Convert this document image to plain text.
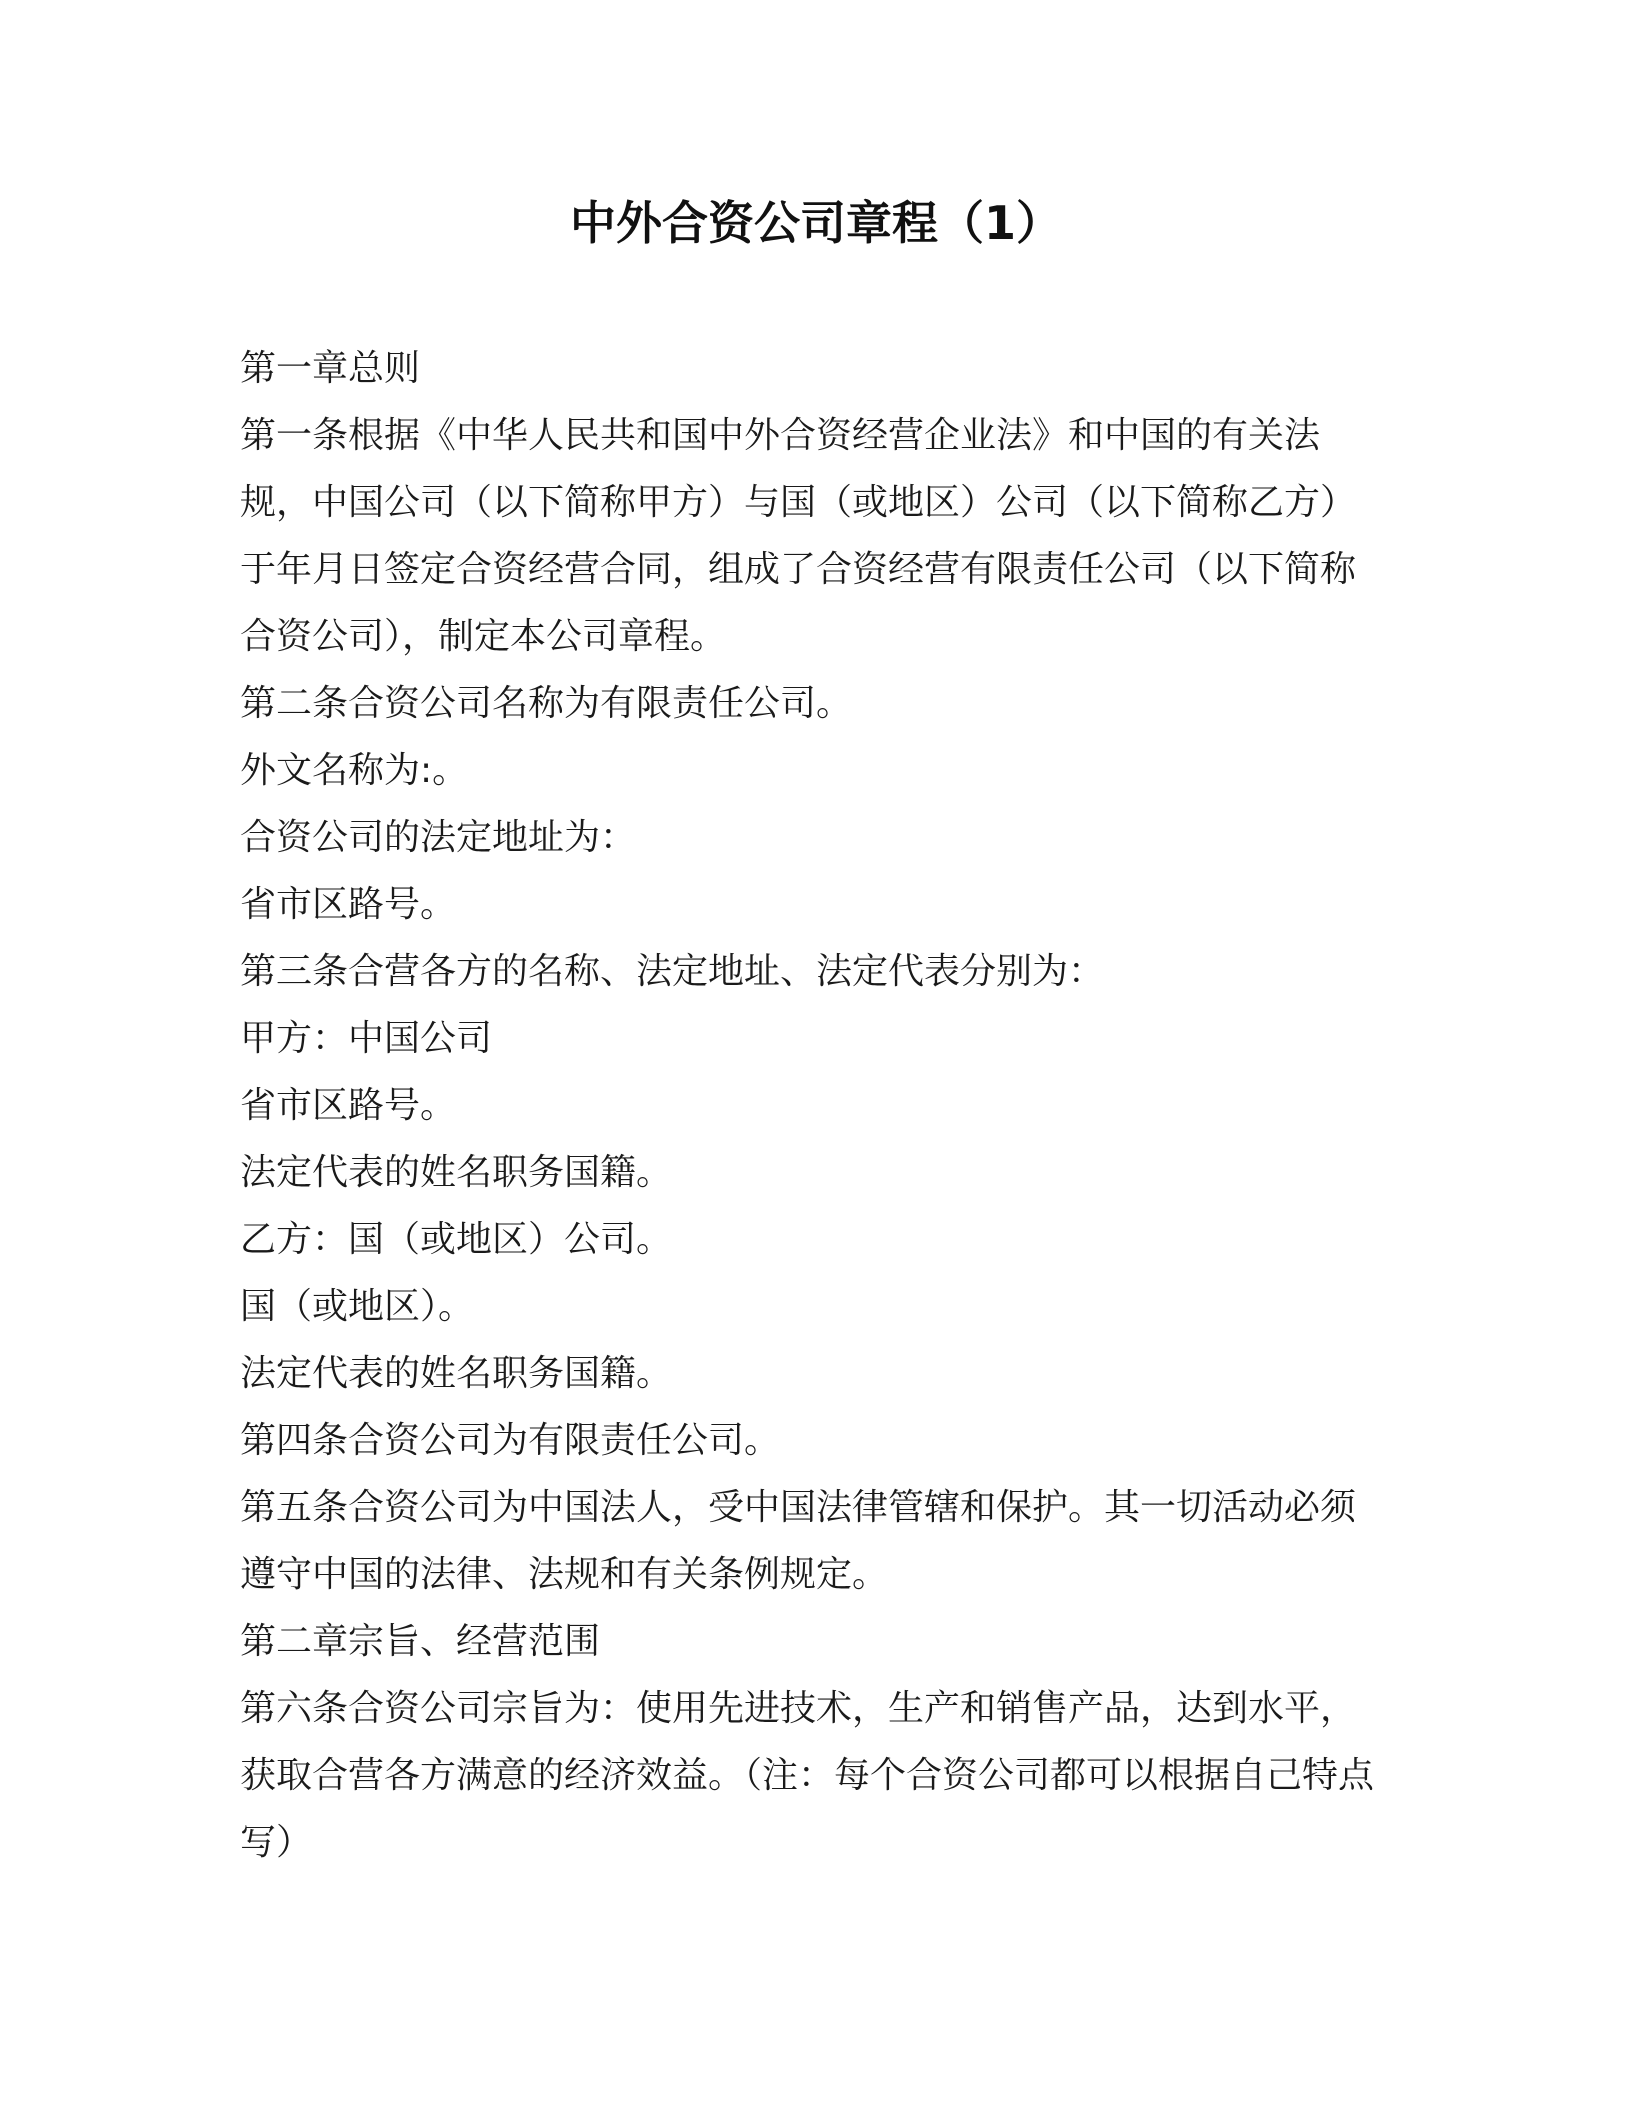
中外合资公司章程（1）

第一章总则

第一条根据《中华人民共和国中外合资经营企业法》和中国的有关法规，中国公司（以下简称甲方）与国（或地区）公司（以下简称乙方）于年月日签定合资经营合同，组成了合资经营有限责任公司（以下简称合资公司），制定本公司章程。

第二条合资公司名称为有限责任公司。

外文名称为:。

合资公司的法定地址为：

省市区路号。

第三条合营各方的名称、法定地址、法定代表分别为：

甲方：中国公司

省市区路号。

法定代表的姓名职务国籍。

乙方：国（或地区）公司。

国（或地区）。

法定代表的姓名职务国籍。

第四条合资公司为有限责任公司。

第五条合资公司为中国法人，受中国法律管辖和保护。其一切活动必须遵守中国的法律、法规和有关条例规定。

第二章宗旨、经营范围

第六条合资公司宗旨为：使用先进技术，生产和销售产品，达到水平，获取合营各方满意的经济效益。（注：每个合资公司都可以根据自己特点写）
